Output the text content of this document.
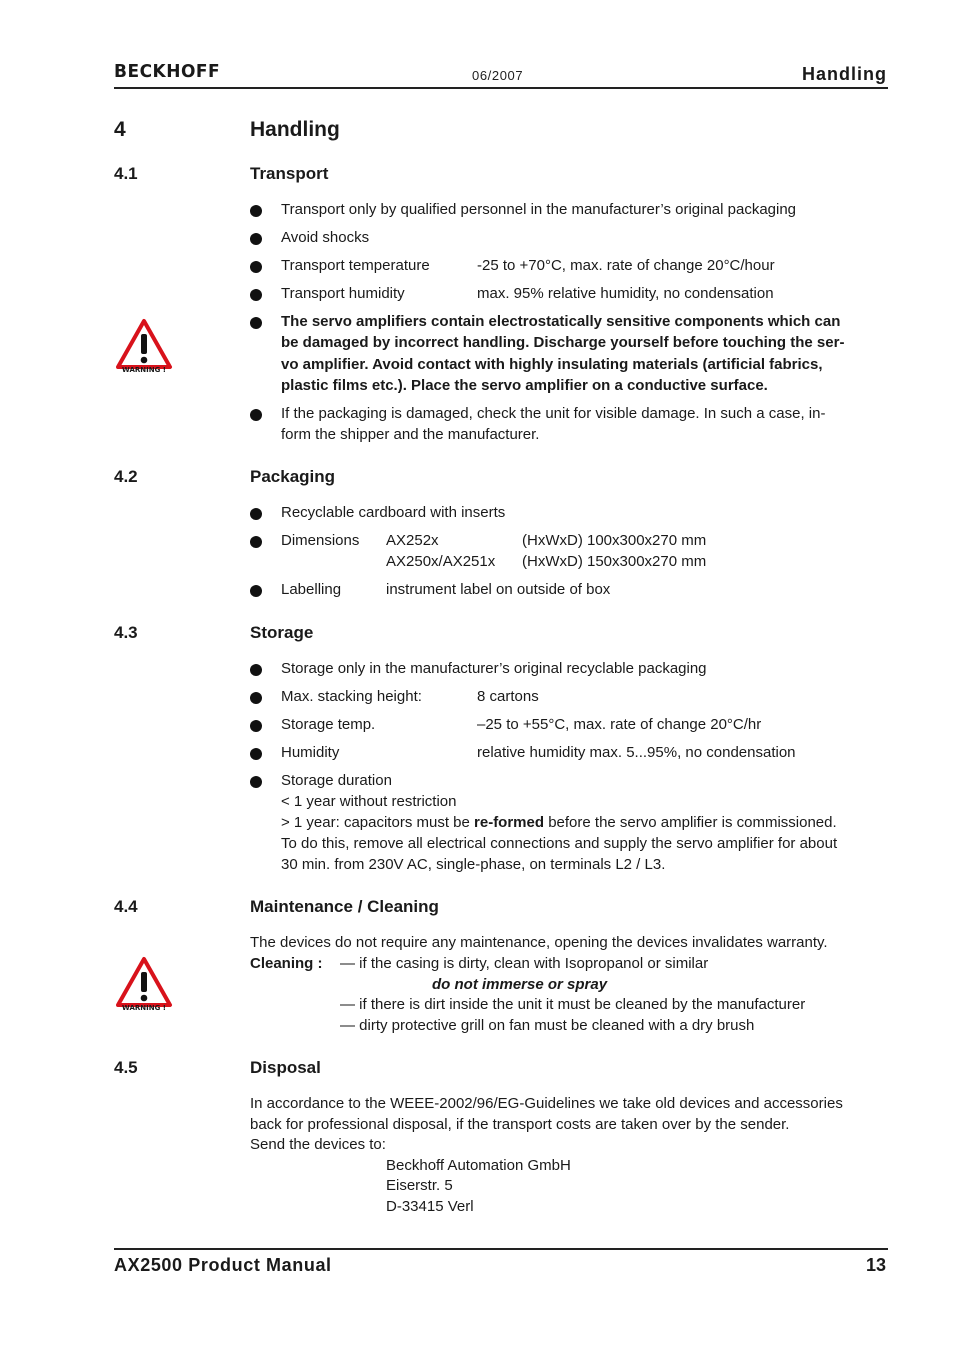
BECKHOFF	06/2007	Handling
4	Handling
4.1	Transport
Transport only by qualified personnel in the manufacturer’s original packaging
Avoid shocks
Transport temperature	-25 to +70°C, max. rate of change 20°C/hour
Transport humidity	max. 95% relative humidity, no condensation
WARNING !
The servo amplifiers contain electrostatically sensitive components which can
be damaged by incorrect handling. Discharge yourself before touching the ser-
vo amplifier. Avoid contact with highly insulating materials (artificial fabrics,
plastic films etc.). Place the servo amplifier on a conductive surface.
If the packaging is damaged, check the unit for visible damage. In such a case, in-
form the shipper and the manufacturer.
4.2	Packaging
Recyclable cardboard with inserts
Dimensions AX252x	(HxWxD) 100x300x270 mm
AX250x/AX251x (HxWxD) 150x300x270 mm
Labelling	instrument label on outside of box
4.3	Storage
Storage only in the manufacturer’s original recyclable packaging
Max. stacking height:	8 cartons
Storage temp.	–25 to +55°C, max. rate of change 20°C/hr
Humidity	relative humidity max. 5...95%, no condensation
Storage duration
< 1 year without restriction
> 1 year: capacitors must be re-formed before the servo amplifier is commissioned.
To do this, remove all electrical connections and supply the servo amplifier for about
30 min. from 230V AC, single-phase, on terminals L2 / L3.
4.4	Maintenance / Cleaning
The devices do not require any maintenance, opening the devices invalidates warranty.
WARNING !
Cleaning : — if the casing is dirty, clean with Isopropanol or similar
do not immerse or spray
— if there is dirt inside the unit it must be cleaned by the manufacturer
— dirty protective grill on fan must be cleaned with a dry brush
4.5	Disposal
In accordance to the WEEE-2002/96/EG-Guidelines we take old devices and accessories
back for professional disposal, if the transport costs are taken over by the sender.
Send the devices to:
Beckhoff Automation GmbH
Eiserstr. 5
D-33415 Verl
AX2500 Product Manual	13
